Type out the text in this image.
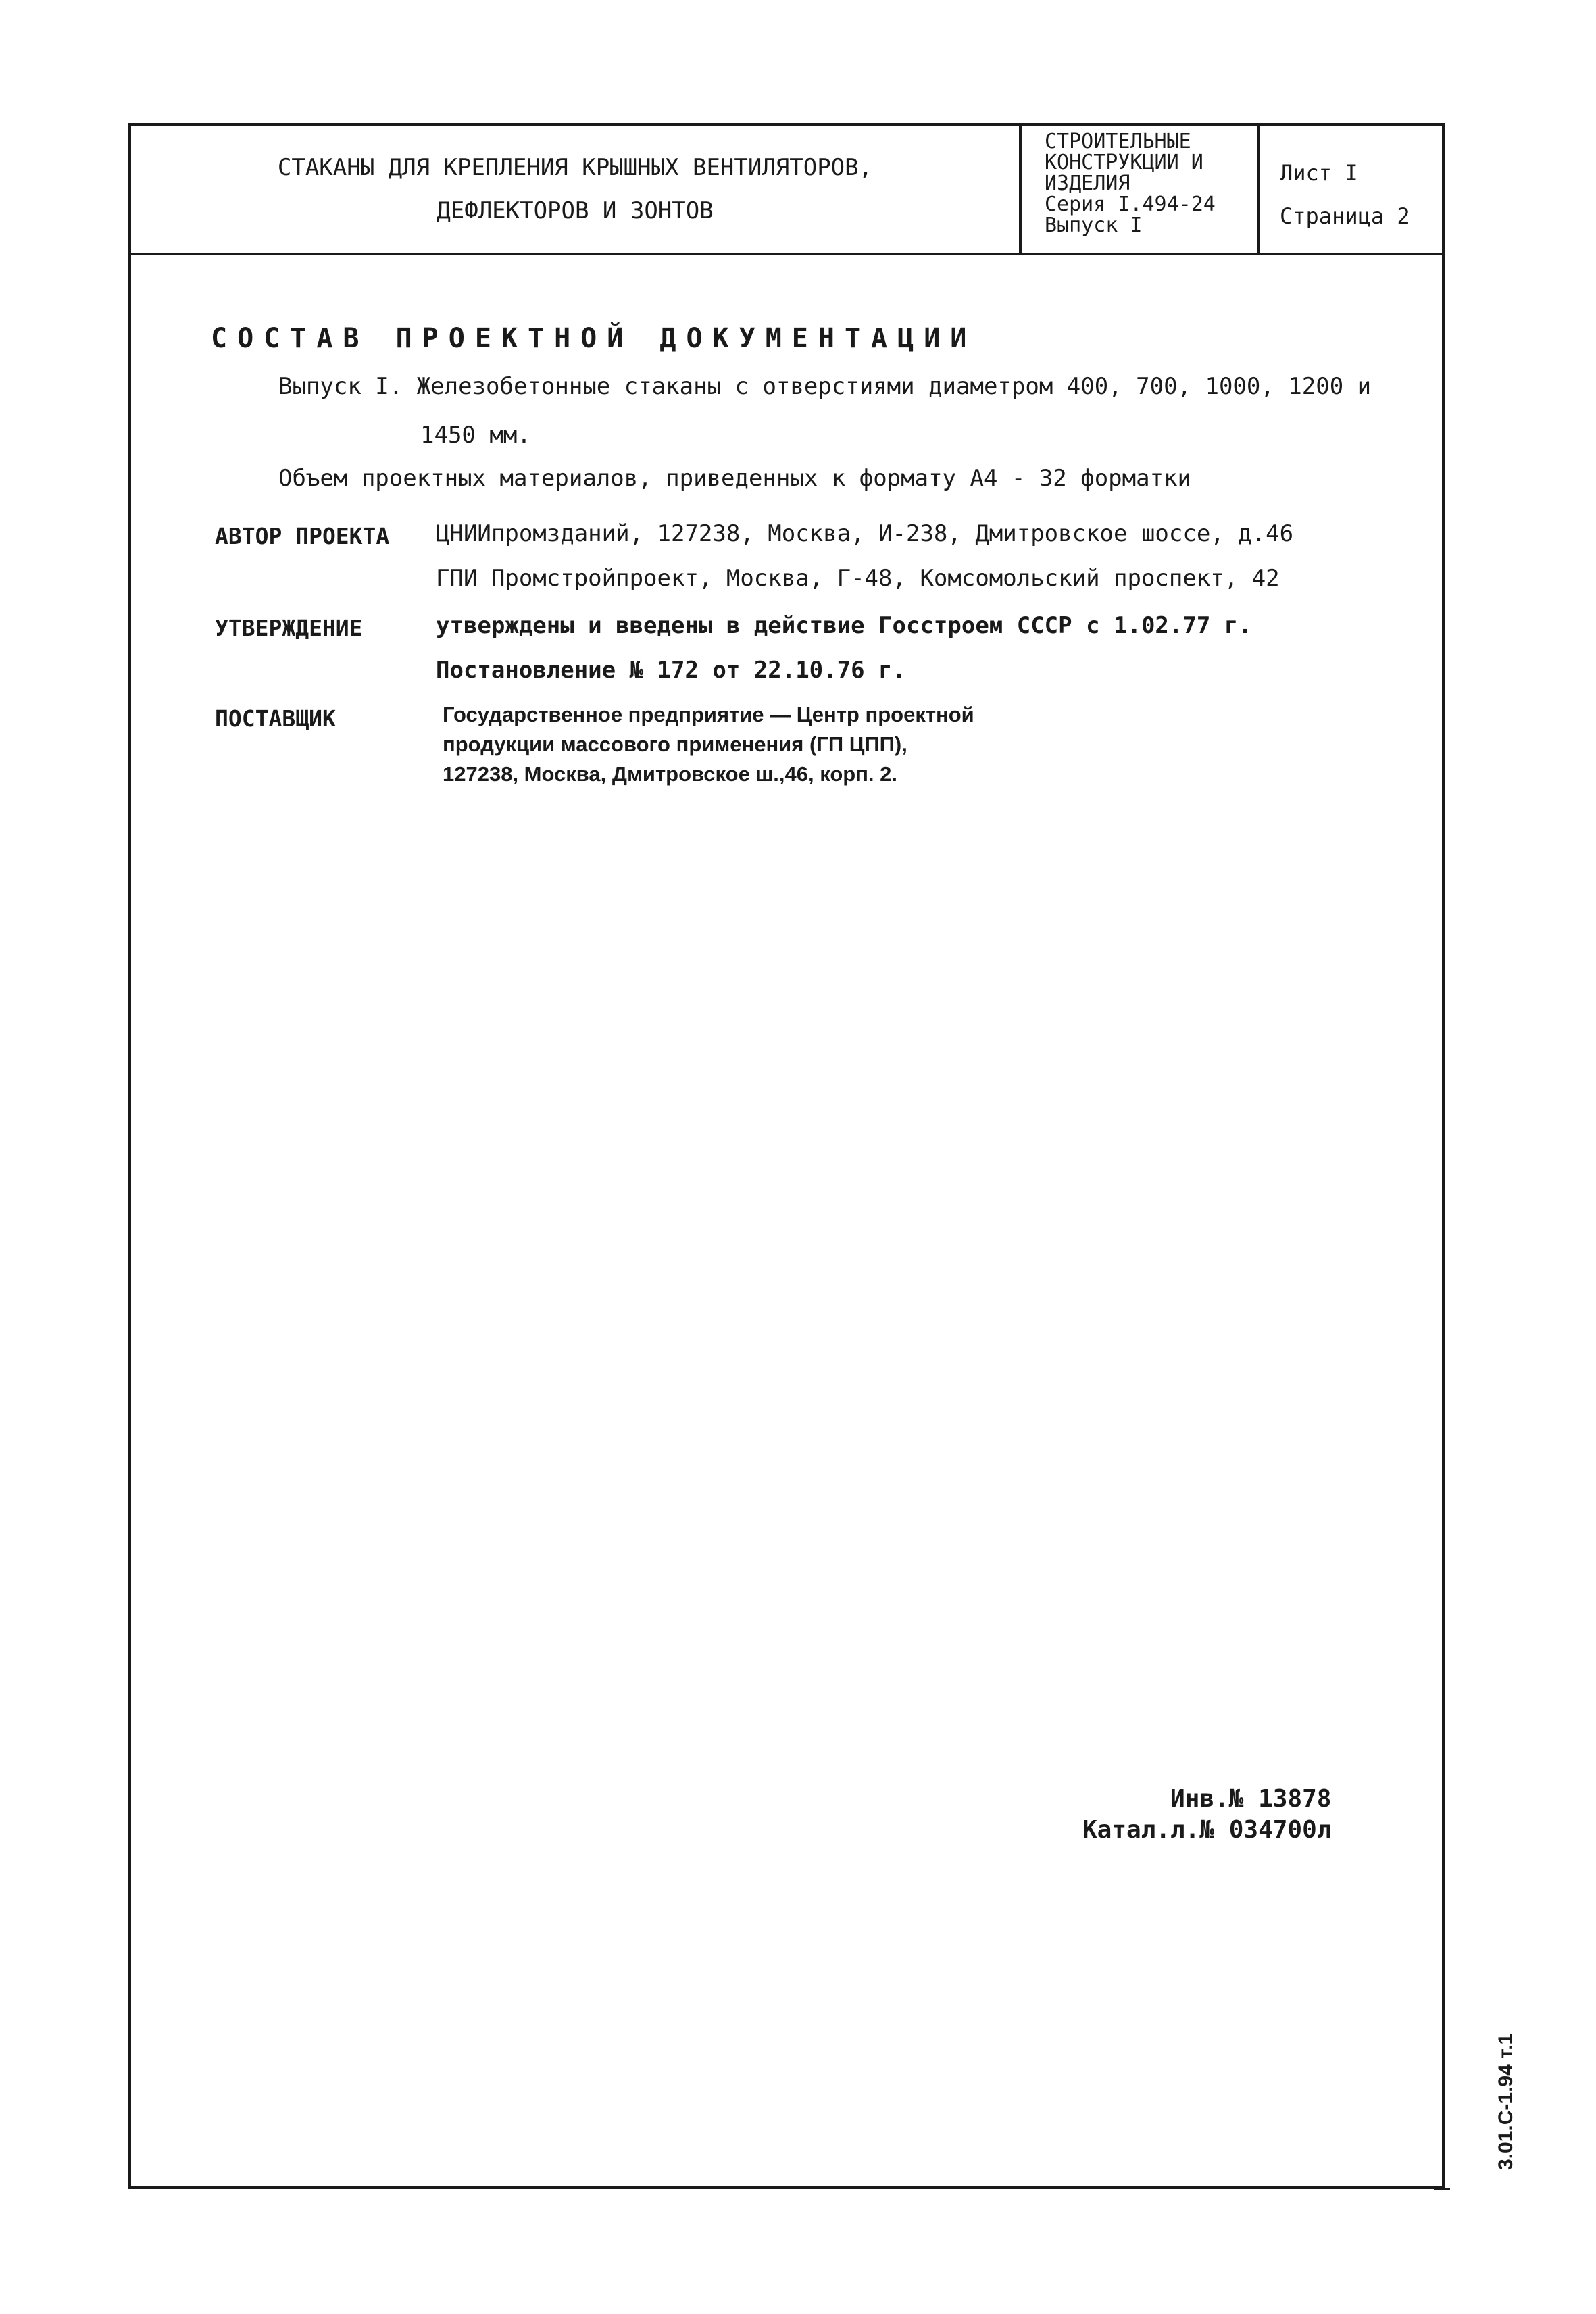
СТАКАНЫ ДЛЯ КРЕПЛЕНИЯ КРЫШНЫХ ВЕНТИЛЯТОРОВ,
ДЕФЛЕКТОРОВ И ЗОНТОВ
СТРОИТЕЛЬНЫЕ
КОНСТРУКЦИИ И
ИЗДЕЛИЯ
Серия I.494-24
Выпуск I
Лист I
Страница 2
СОСТАВ ПРОЕКТНОЙ ДОКУМЕНТАЦИИ
Выпуск I. Железобетонные стаканы с отверстиями диаметром 400, 700, 1000, 1200 и
1450 мм.
Объем проектных материалов, приведенных к формату А4 - 32 форматки
АВТОР ПРОЕКТА ЦНИИпромзданий, 127238, Москва, И-238, Дмитровское шоссе, д.46
ГПИ Промстройпроект, Москва, Г-48, Комсомольский проспект, 42
УТВЕРЖДЕНИЕ	утверждены и введены в действие Госстроем СССР с 1.02.77 г.
Постановление № 172 от 22.10.76 г.
ПОСТАВЩИК	Государственное предприятие — Центр проектной
продукции массового применения (ГП ЦПП),
127238, Москва, Дмитровское ш.,46, корп. 2.
Инв.№ 13878
Катал.л.№ 034700л
3.01.С-1.94 т.1
